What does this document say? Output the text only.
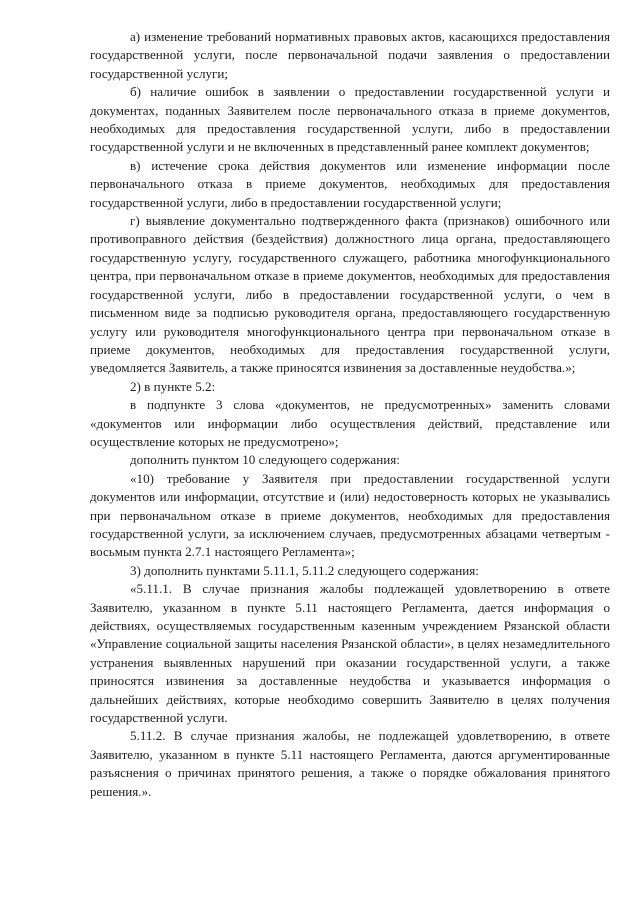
а) изменение требований нормативных правовых актов, касающихся предоставления государственной услуги, после первоначальной подачи заявления о предоставлении государственной услуги;

б) наличие ошибок в заявлении о предоставлении государственной услуги и документах, поданных Заявителем после первоначального отказа в приеме документов, необходимых для предоставления государственной услуги, либо в предоставлении государственной услуги и не включенных в представленный ранее комплект документов;

в) истечение срока действия документов или изменение информации после первоначального отказа в приеме документов, необходимых для предоставления государственной услуги, либо в предоставлении государственной услуги;

г) выявление документально подтвержденного факта (признаков) ошибочного или противоправного действия (бездействия) должностного лица органа, предоставляющего государственную услугу, государственного служащего, работника многофункционального центра, при первоначальном отказе в приеме документов, необходимых для предоставления государственной услуги, либо в предоставлении государственной услуги, о чем в письменном виде за подписью руководителя органа, предоставляющего государственную услугу или руководителя многофункционального центра при первоначальном отказе в приеме документов, необходимых для предоставления государственной услуги, уведомляется Заявитель, а также приносятся извинения за доставленные неудобства.»;

2) в пункте 5.2:

в подпункте 3 слова «документов, не предусмотренных» заменить словами «документов или информации либо осуществления действий, представление или осуществление которых не предусмотрено»;

дополнить пунктом 10 следующего содержания:

«10) требование у Заявителя при предоставлении государственной услуги документов или информации, отсутствие и (или) недостоверность которых не указывались при первоначальном отказе в приеме документов, необходимых для предоставления государственной услуги, за исключением случаев, предусмотренных абзацами четвертым - восьмым пункта 2.7.1 настоящего Регламента»;

3) дополнить пунктами 5.11.1, 5.11.2 следующего содержания:

«5.11.1. В случае признания жалобы подлежащей удовлетворению в ответе Заявителю, указанном в пункте 5.11 настоящего Регламента, дается информация о действиях, осуществляемых государственным казенным учреждением Рязанской области «Управление социальной защиты населения Рязанской области», в целях незамедлительного устранения выявленных нарушений при оказании государственной услуги, а также приносятся извинения за доставленные неудобства и указывается информация о дальнейших действиях, которые необходимо совершить Заявителю в целях получения государственной услуги.

5.11.2. В случае признания жалобы, не подлежащей удовлетворению, в ответе Заявителю, указанном в пункте 5.11 настоящего Регламента, даются аргументированные разъяснения о причинах принятого решения, а также о порядке обжалования принятого решения.».
